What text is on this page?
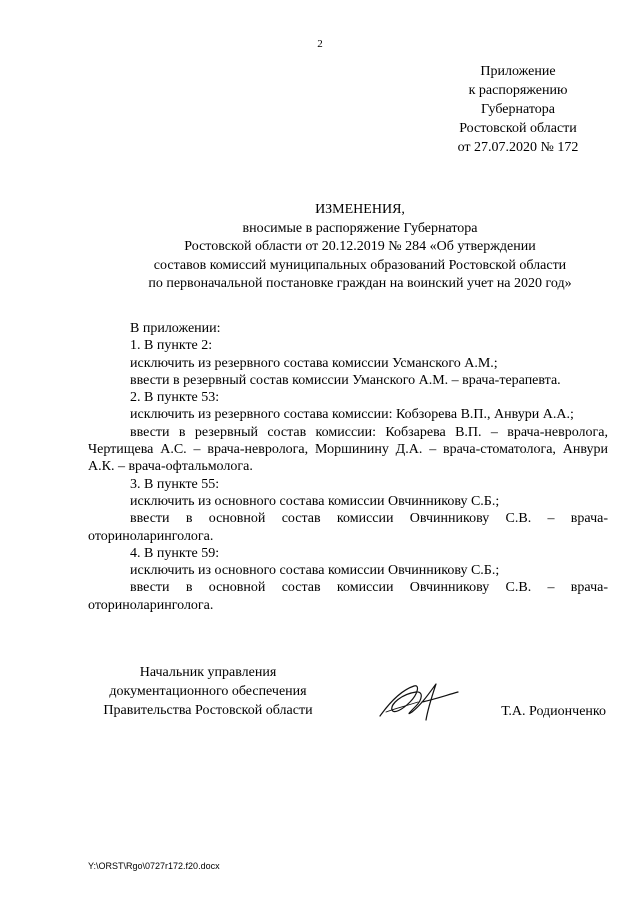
2
Приложение
к распоряжению
Губернатора
Ростовской области
от 27.07.2020 № 172
ИЗМЕНЕНИЯ,
вносимые в распоряжение Губернатора
Ростовской области от 20.12.2019 № 284 «Об утверждении
составов комиссий муниципальных образований Ростовской области
по первоначальной постановке граждан на воинский учет на 2020 год»

В приложении:

1. В пункте 2:

исключить из резервного состава комиссии Усманского А.М.;

ввести в резервный состав комиссии Уманского А.М. – врача-терапевта.

2. В пункте 53:

исключить из резервного состава комиссии: Кобзорева В.П., Анвури А.А.;

ввести в резервный состав комиссии: Кобзарева В.П. – врача-невролога, Чертищева А.С. – врача-невролога, Моршинину Д.А. – врача-стоматолога, Анвури А.К. – врача-офтальмолога.

3. В пункте 55:

исключить из основного состава комиссии Овчинникову С.Б.;

ввести в основной состав комиссии Овчинникову С.В. – врача-оториноларинголога.

4. В пункте 59:

исключить из основного состава комиссии Овчинникову С.Б.;

ввести в основной состав комиссии Овчинникову С.В. – врача-оториноларинголога.

Начальник управления
документационного обеспечения
Правительства Ростовской области	Т.А. Родионченко
Y:\ORST\Rgo\0727r172.f20.docx
